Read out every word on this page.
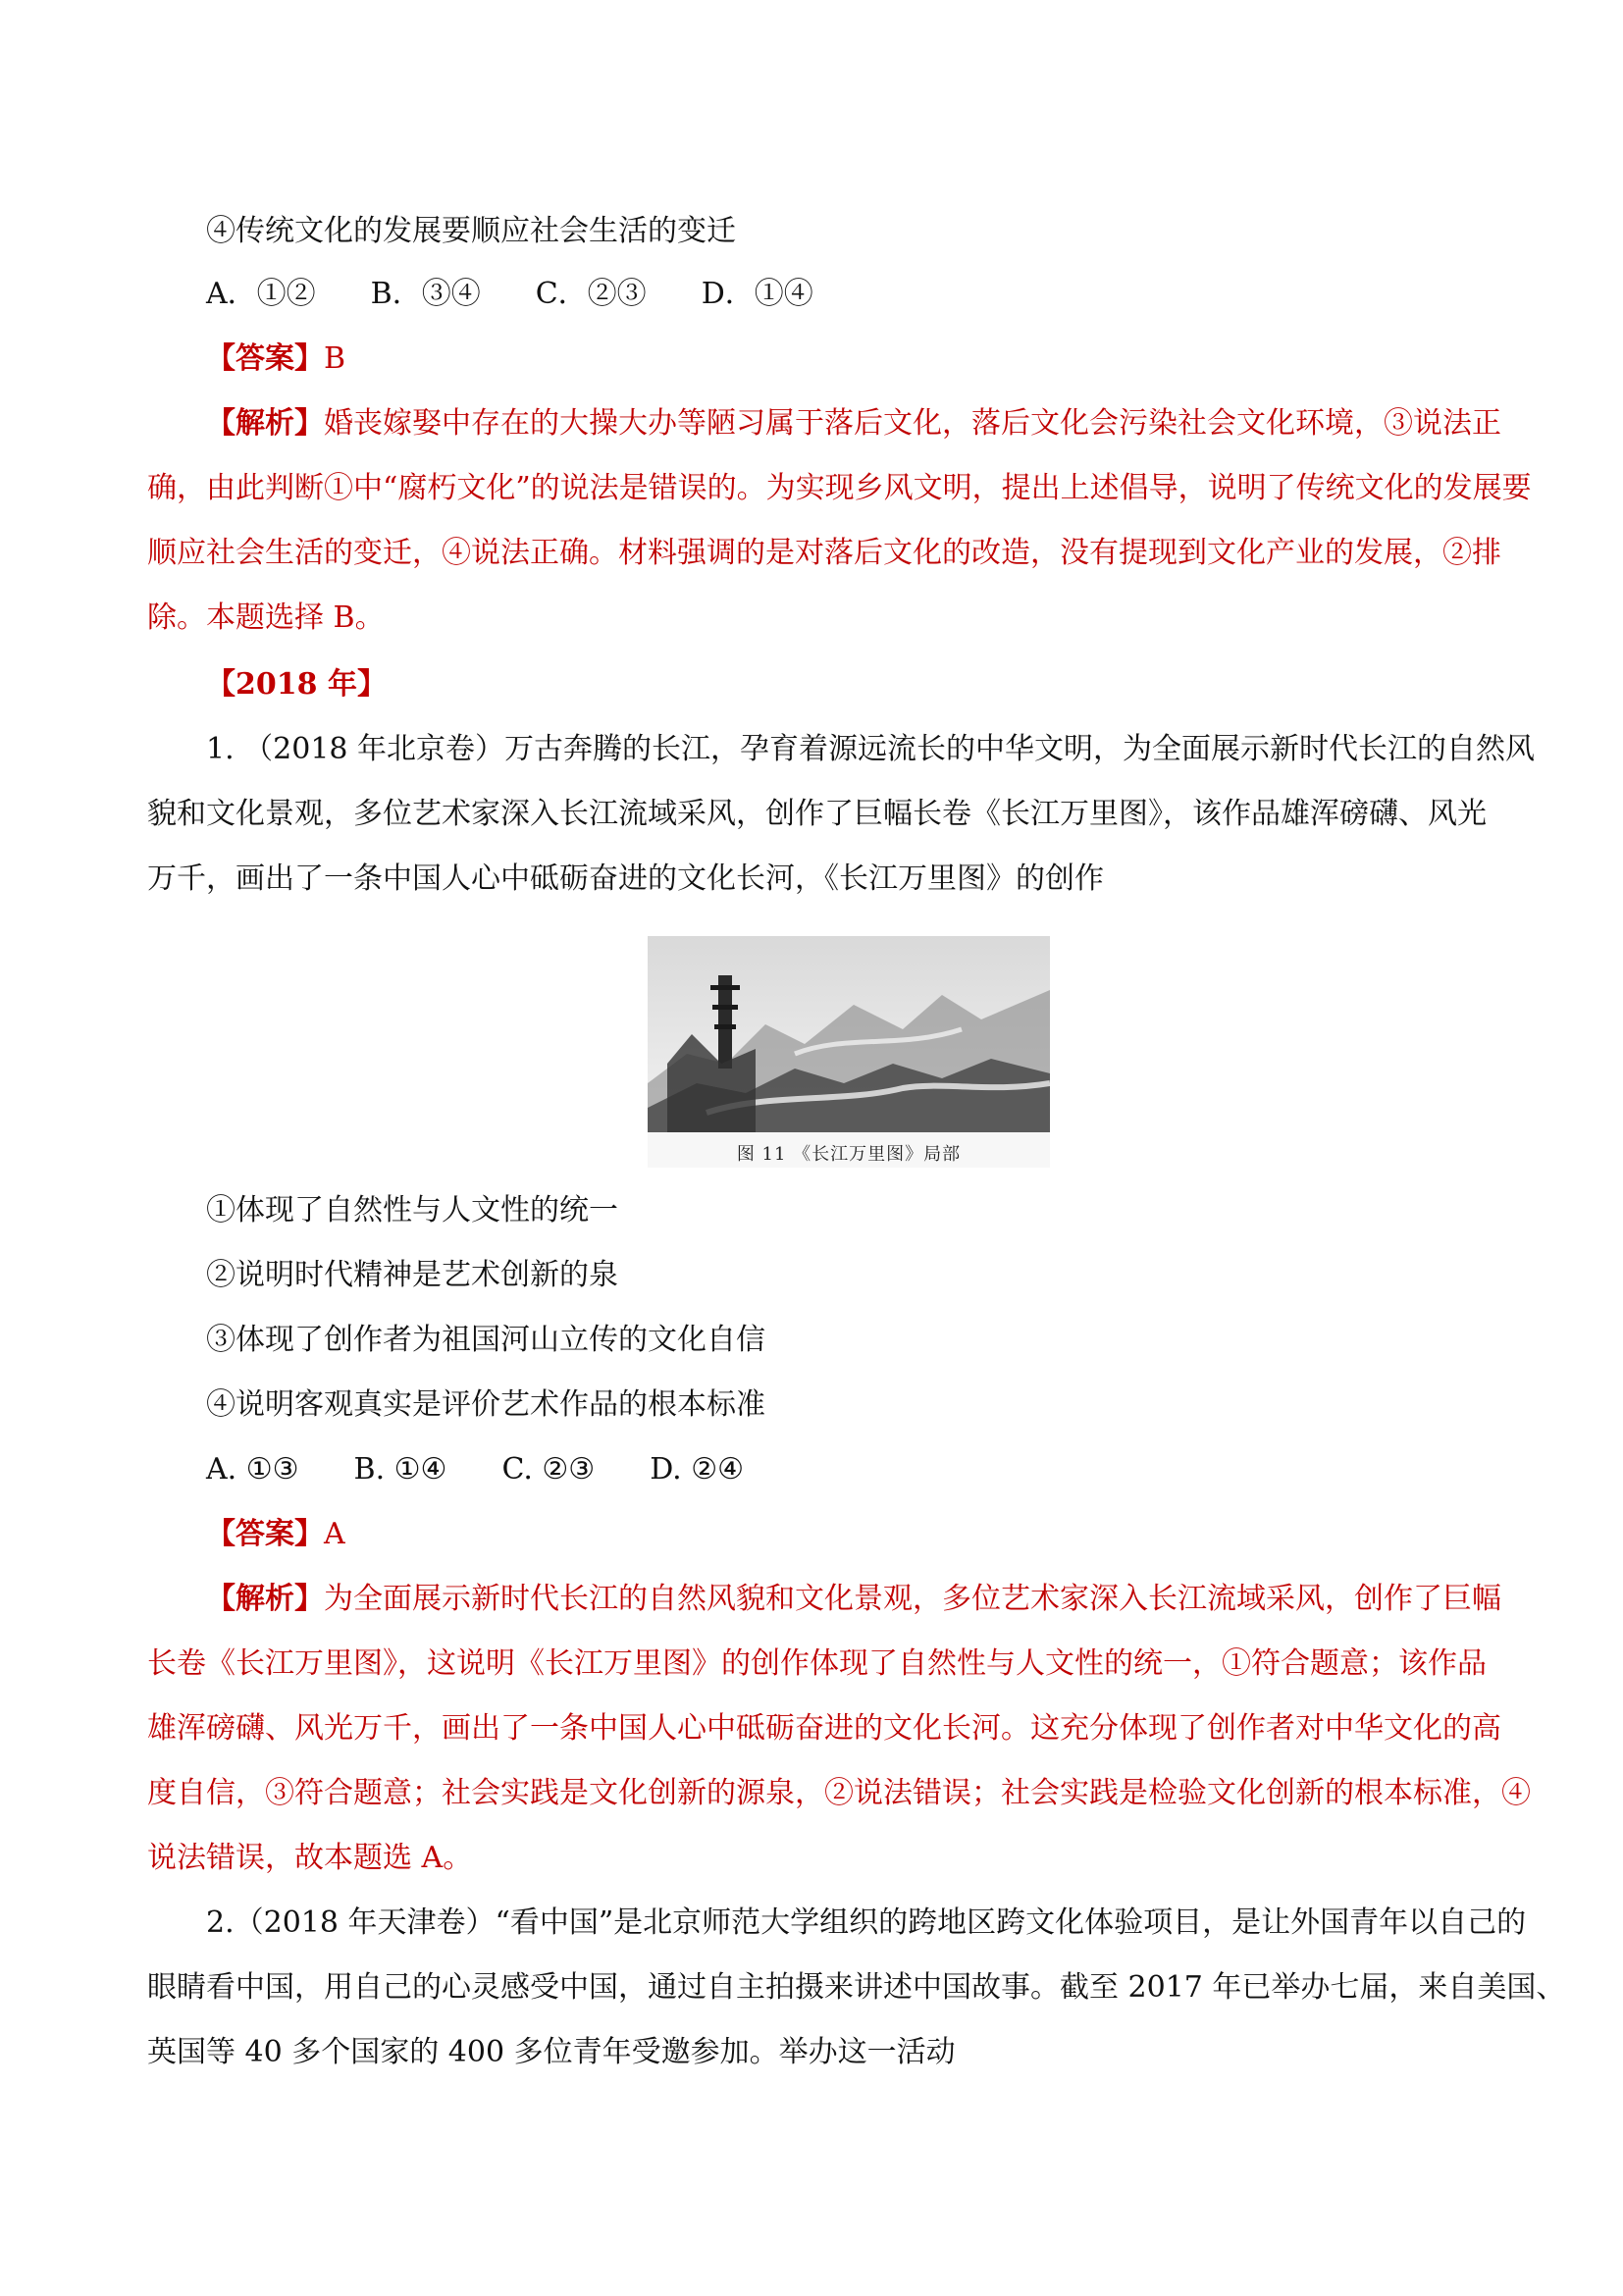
④传统文化的发展要顺应社会生活的变迁
A．①② B．③④ C．②③ D．①④
【答案】B
【解析】婚丧嫁娶中存在的大操大办等陋习属于落后文化，落后文化会污染社会文化环境，③说法正
确，由此判断①中“腐朽文化”的说法是错误的。为实现乡风文明，提出上述倡导，说明了传统文化的发展要
顺应社会生活的变迁，④说法正确。材料强调的是对落后文化的改造，没有提现到文化产业的发展，②排
除。本题选择 B。
【2018 年】
1. （2018 年北京卷）万古奔腾的长江，孕育着源远流长的中华文明，为全面展示新时代长江的自然风
貌和文化景观，多位艺术家深入长江流域采风，创作了巨幅长卷《长江万里图》，该作品雄浑磅礴、风光
万千，画出了一条中国人心中砥砺奋进的文化长河，《长江万里图》的创作
图 11 《长江万里图》局部
①体现了自然性与人文性的统一
②说明时代精神是艺术创新的泉
③体现了创作者为祖国河山立传的文化自信
④说明客观真实是评价艺术作品的根本标准
A. ①③ B. ①④ C. ②③ D. ②④
【答案】A
【解析】为全面展示新时代长江的自然风貌和文化景观，多位艺术家深入长江流域采风，创作了巨幅
长卷《长江万里图》，这说明《长江万里图》的创作体现了自然性与人文性的统一，①符合题意；该作品
雄浑磅礴、风光万千，画出了一条中国人心中砥砺奋进的文化长河。这充分体现了创作者对中华文化的高
度自信，③符合题意；社会实践是文化创新的源泉，②说法错误；社会实践是检验文化创新的根本标准，④
说法错误，故本题选 A。
2.（2018 年天津卷）“看中国”是北京师范大学组织的跨地区跨文化体验项目，是让外国青年以自己的
眼睛看中国，用自己的心灵感受中国，通过自主拍摄来讲述中国故事。截至 2017 年已举办七届，来自美国、
英国等 40 多个国家的 400 多位青年受邀参加。举办这一活动
